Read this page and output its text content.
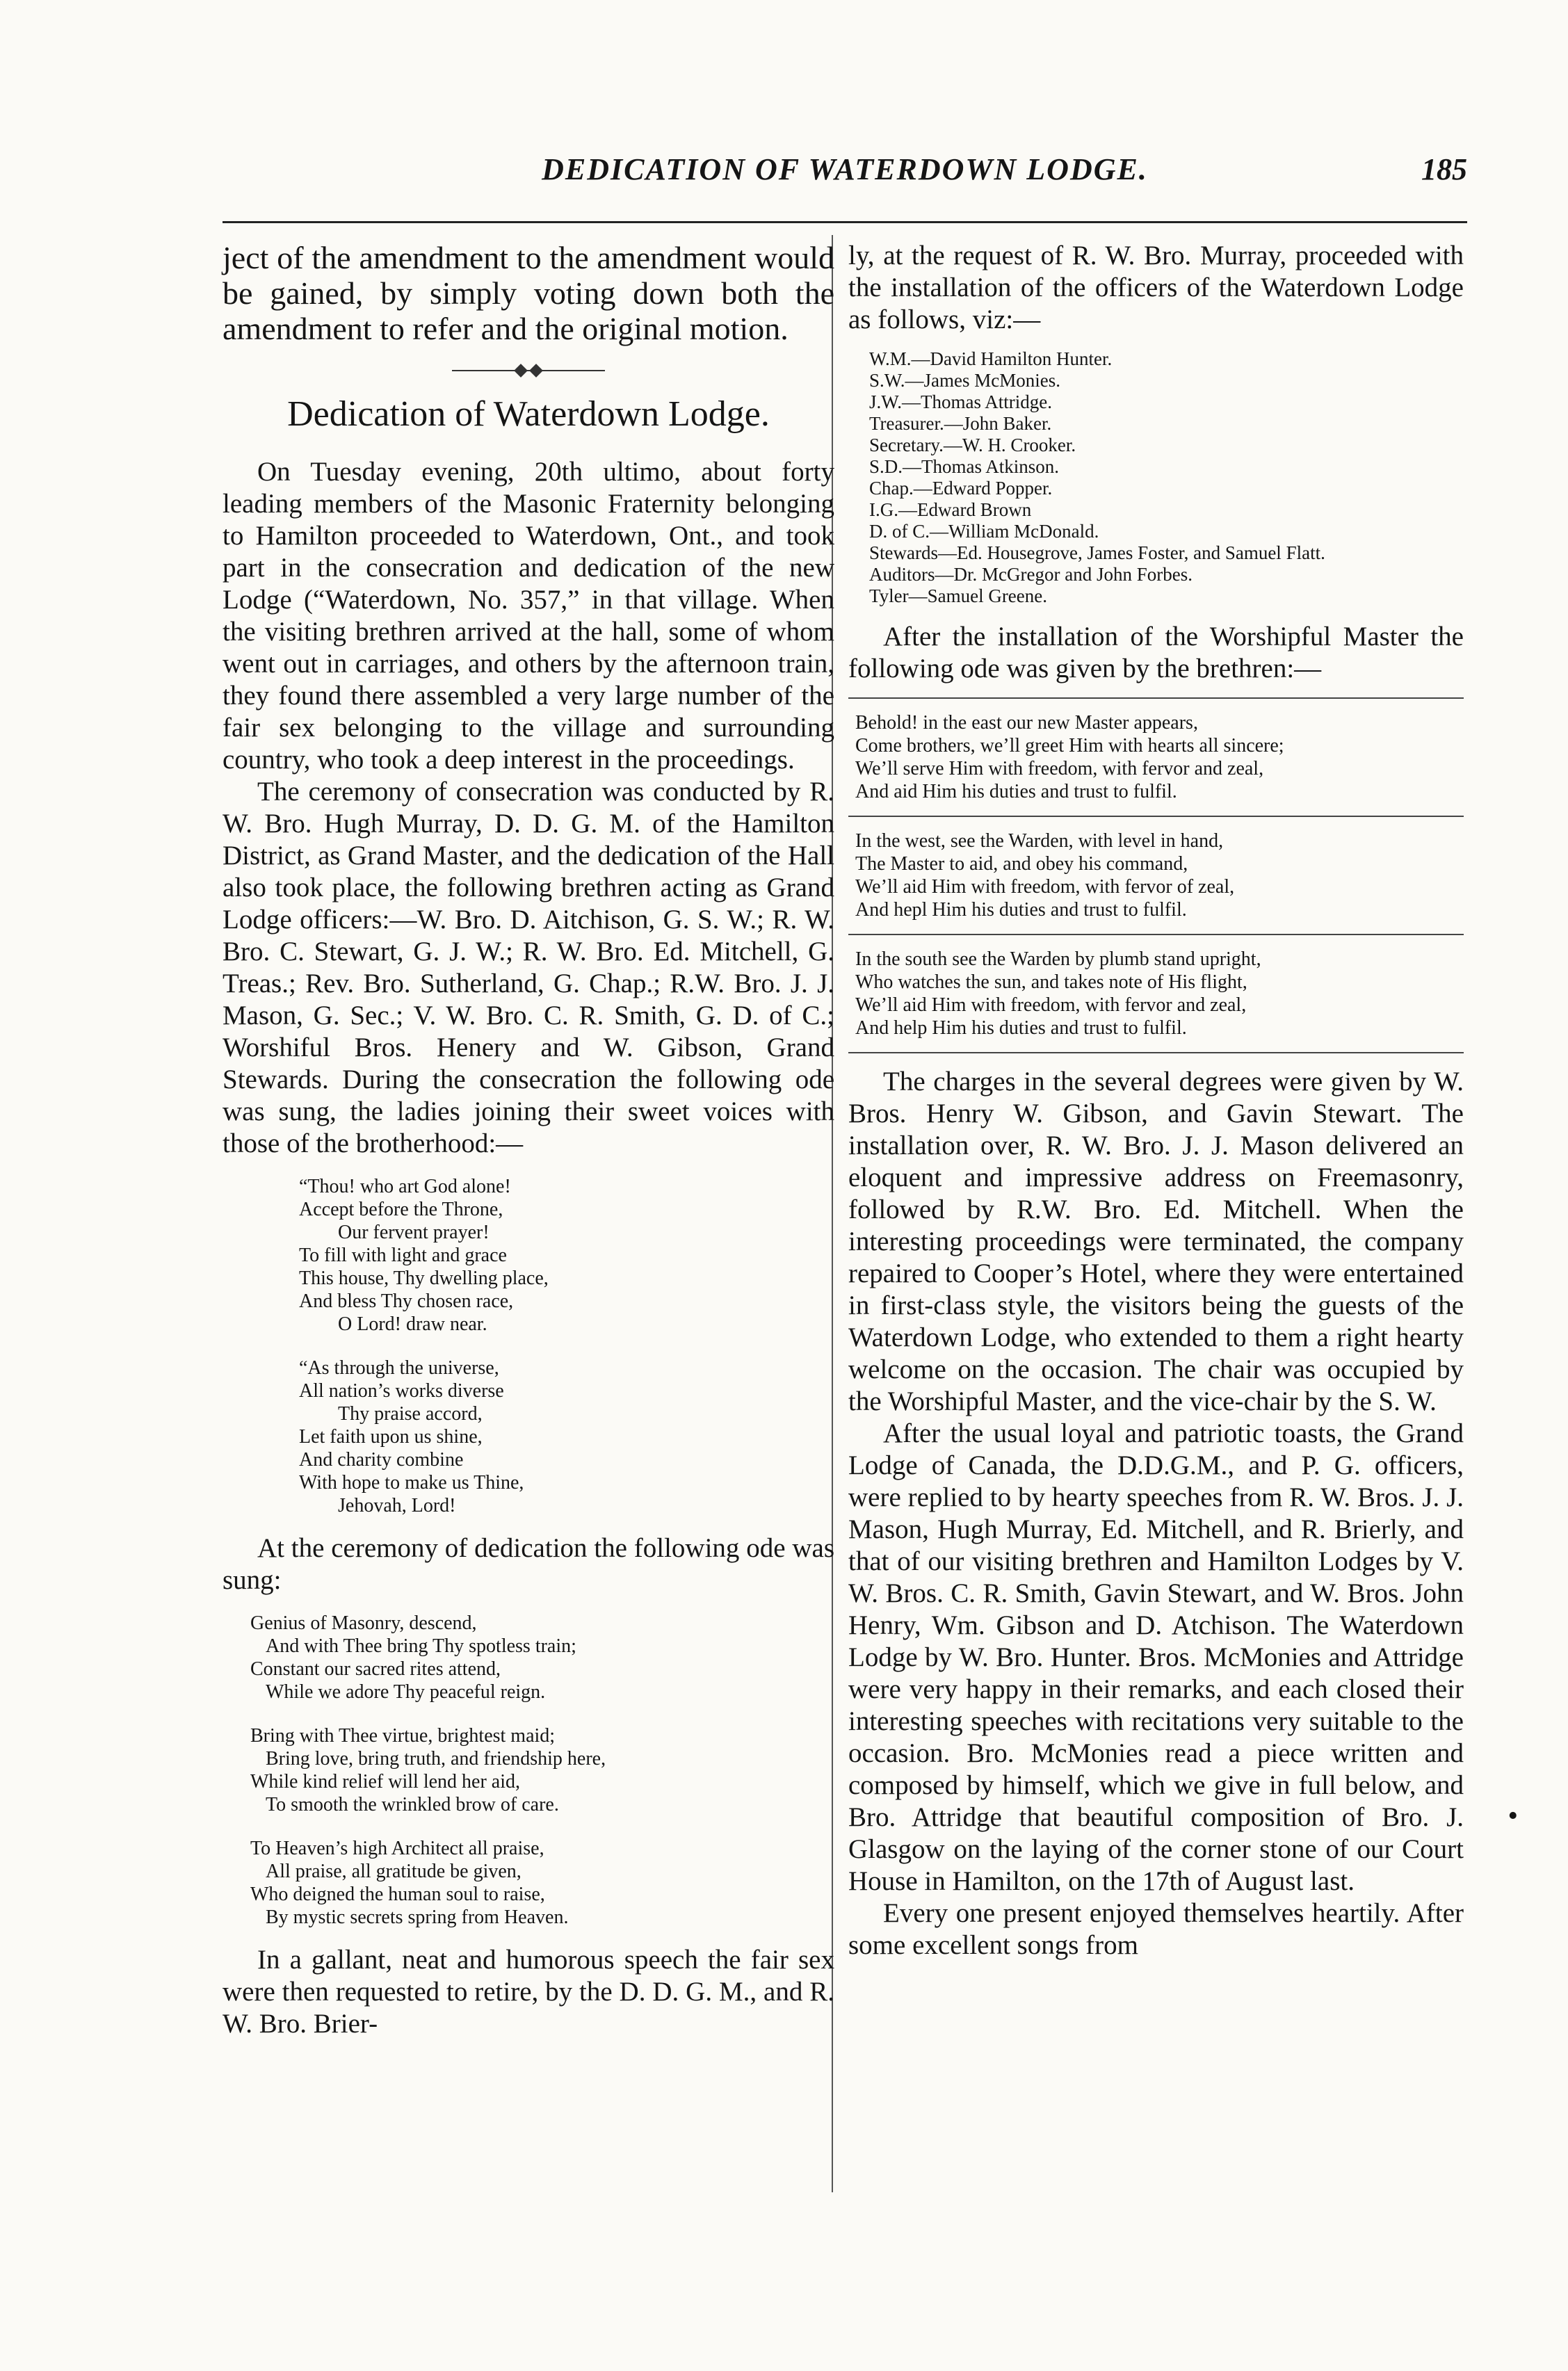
DEDICATION OF WATERDOWN LODGE.	185

ject of the amendment to the amendment would be gained, by simply voting down both the amendment to refer and the original motion.

Dedication of Waterdown Lodge.

On Tuesday evening, 20th ultimo, about forty leading members of the Masonic Fraternity belonging to Hamilton proceeded to Waterdown, Ont., and took part in the consecration and dedication of the new Lodge (“Waterdown, No. 357,” in that village. When the visiting brethren arrived at the hall, some of whom went out in carriages, and others by the afternoon train, they found there assembled a very large number of the fair sex belonging to the village and surrounding country, who took a deep interest in the proceedings.

The ceremony of consecration was conducted by R. W. Bro. Hugh Murray, D. D. G. M. of the Hamilton District, as Grand Master, and the dedication of the Hall also took place, the following brethren acting as Grand Lodge officers:—W. Bro. D. Aitchison, G. S. W.; R. W. Bro. C. Stewart, G. J. W.; R. W. Bro. Ed. Mitchell, G. Treas.; Rev. Bro. Sutherland, G. Chap.; R.W. Bro. J. J. Mason, G. Sec.; V. W. Bro. C. R. Smith, G. D. of C.; Worshiful Bros. Henery and W. Gibson, Grand Stewards. During the consecration the following ode was sung, the ladies joining their sweet voices with those of the brotherhood:—

“Thou! who art God alone!
Accept before the Throne,
Our fervent prayer!
To fill with light and grace
This house, Thy dwelling place,
And bless Thy chosen race,
O Lord! draw near.
“As through the universe,
All nation’s works diverse
Thy praise accord,
Let faith upon us shine,
And charity combine
With hope to make us Thine,
Jehovah, Lord!

At the ceremony of dedication the following ode was sung:

Genius of Masonry, descend,
And with Thee bring Thy spotless train;
Constant our sacred rites attend,
While we adore Thy peaceful reign.
Bring with Thee virtue, brightest maid;
Bring love, bring truth, and friendship here,
While kind relief will lend her aid,
To smooth the wrinkled brow of care.
To Heaven’s high Architect all praise,
All praise, all gratitude be given,
Who deigned the human soul to raise,
By mystic secrets spring from Heaven.

In a gallant, neat and humorous speech the fair sex were then requested to retire, by the D. D. G. M., and R. W. Bro. Brier-

ly, at the request of R. W. Bro. Murray, proceeded with the installation of the officers of the Waterdown Lodge as follows, viz:—

W.M.—David Hamilton Hunter.
S.W.—James McMonies.
J.W.—Thomas Attridge.
Treasurer.—John Baker.
Secretary.—W. H. Crooker.
S.D.—Thomas Atkinson.
Chap.—Edward Popper.
I.G.—Edward Brown
D. of C.—William McDonald.
Stewards—Ed. Housegrove, James Foster, and Samuel Flatt.
Auditors—Dr. McGregor and John Forbes.
Tyler—Samuel Greene.

After the installation of the Worshipful Master the following ode was given by the brethren:—

Behold! in the east our new Master appears,
Come brothers, we’ll greet Him with hearts all sincere;
We’ll serve Him with freedom, with fervor and zeal,
And aid Him his duties and trust to fulfil.
In the west, see the Warden, with level in hand,
The Master to aid, and obey his command,
We’ll aid Him with freedom, with fervor of zeal,
And hepl Him his duties and trust to fulfil.
In the south see the Warden by plumb stand upright,
Who watches the sun, and takes note of His flight,
We’ll aid Him with freedom, with fervor and zeal,
And help Him his duties and trust to fulfil.

The charges in the several degrees were given by W. Bros. Henry W. Gibson, and Gavin Stewart. The installation over, R. W. Bro. J. J. Mason delivered an eloquent and impressive address on Freemasonry, followed by R.W. Bro. Ed. Mitchell. When the interesting proceedings were terminated, the company repaired to Cooper’s Hotel, where they were entertained in first-class style, the visitors being the guests of the Waterdown Lodge, who extended to them a right hearty welcome on the occasion. The chair was occupied by the Worshipful Master, and the vice-chair by the S. W.

After the usual loyal and patriotic toasts, the Grand Lodge of Canada, the D.D.G.M., and P. G. officers, were replied to by hearty speeches from R. W. Bros. J. J. Mason, Hugh Murray, Ed. Mitchell, and R. Brierly, and that of our visiting brethren and Hamilton Lodges by V. W. Bros. C. R. Smith, Gavin Stewart, and W. Bros. John Henry, Wm. Gibson and D. Atchison. The Waterdown Lodge by W. Bro. Hunter. Bros. McMonies and Attridge were very happy in their remarks, and each closed their interesting speeches with recitations very suitable to the occasion. Bro. McMonies read a piece written and composed by himself, which we give in full below, and Bro. Attridge that beautiful composition of Bro. J. Glasgow on the laying of the corner stone of our Court House in Hamilton, on the 17th of August last.

Every one present enjoyed themselves heartily. After some excellent songs from

•
